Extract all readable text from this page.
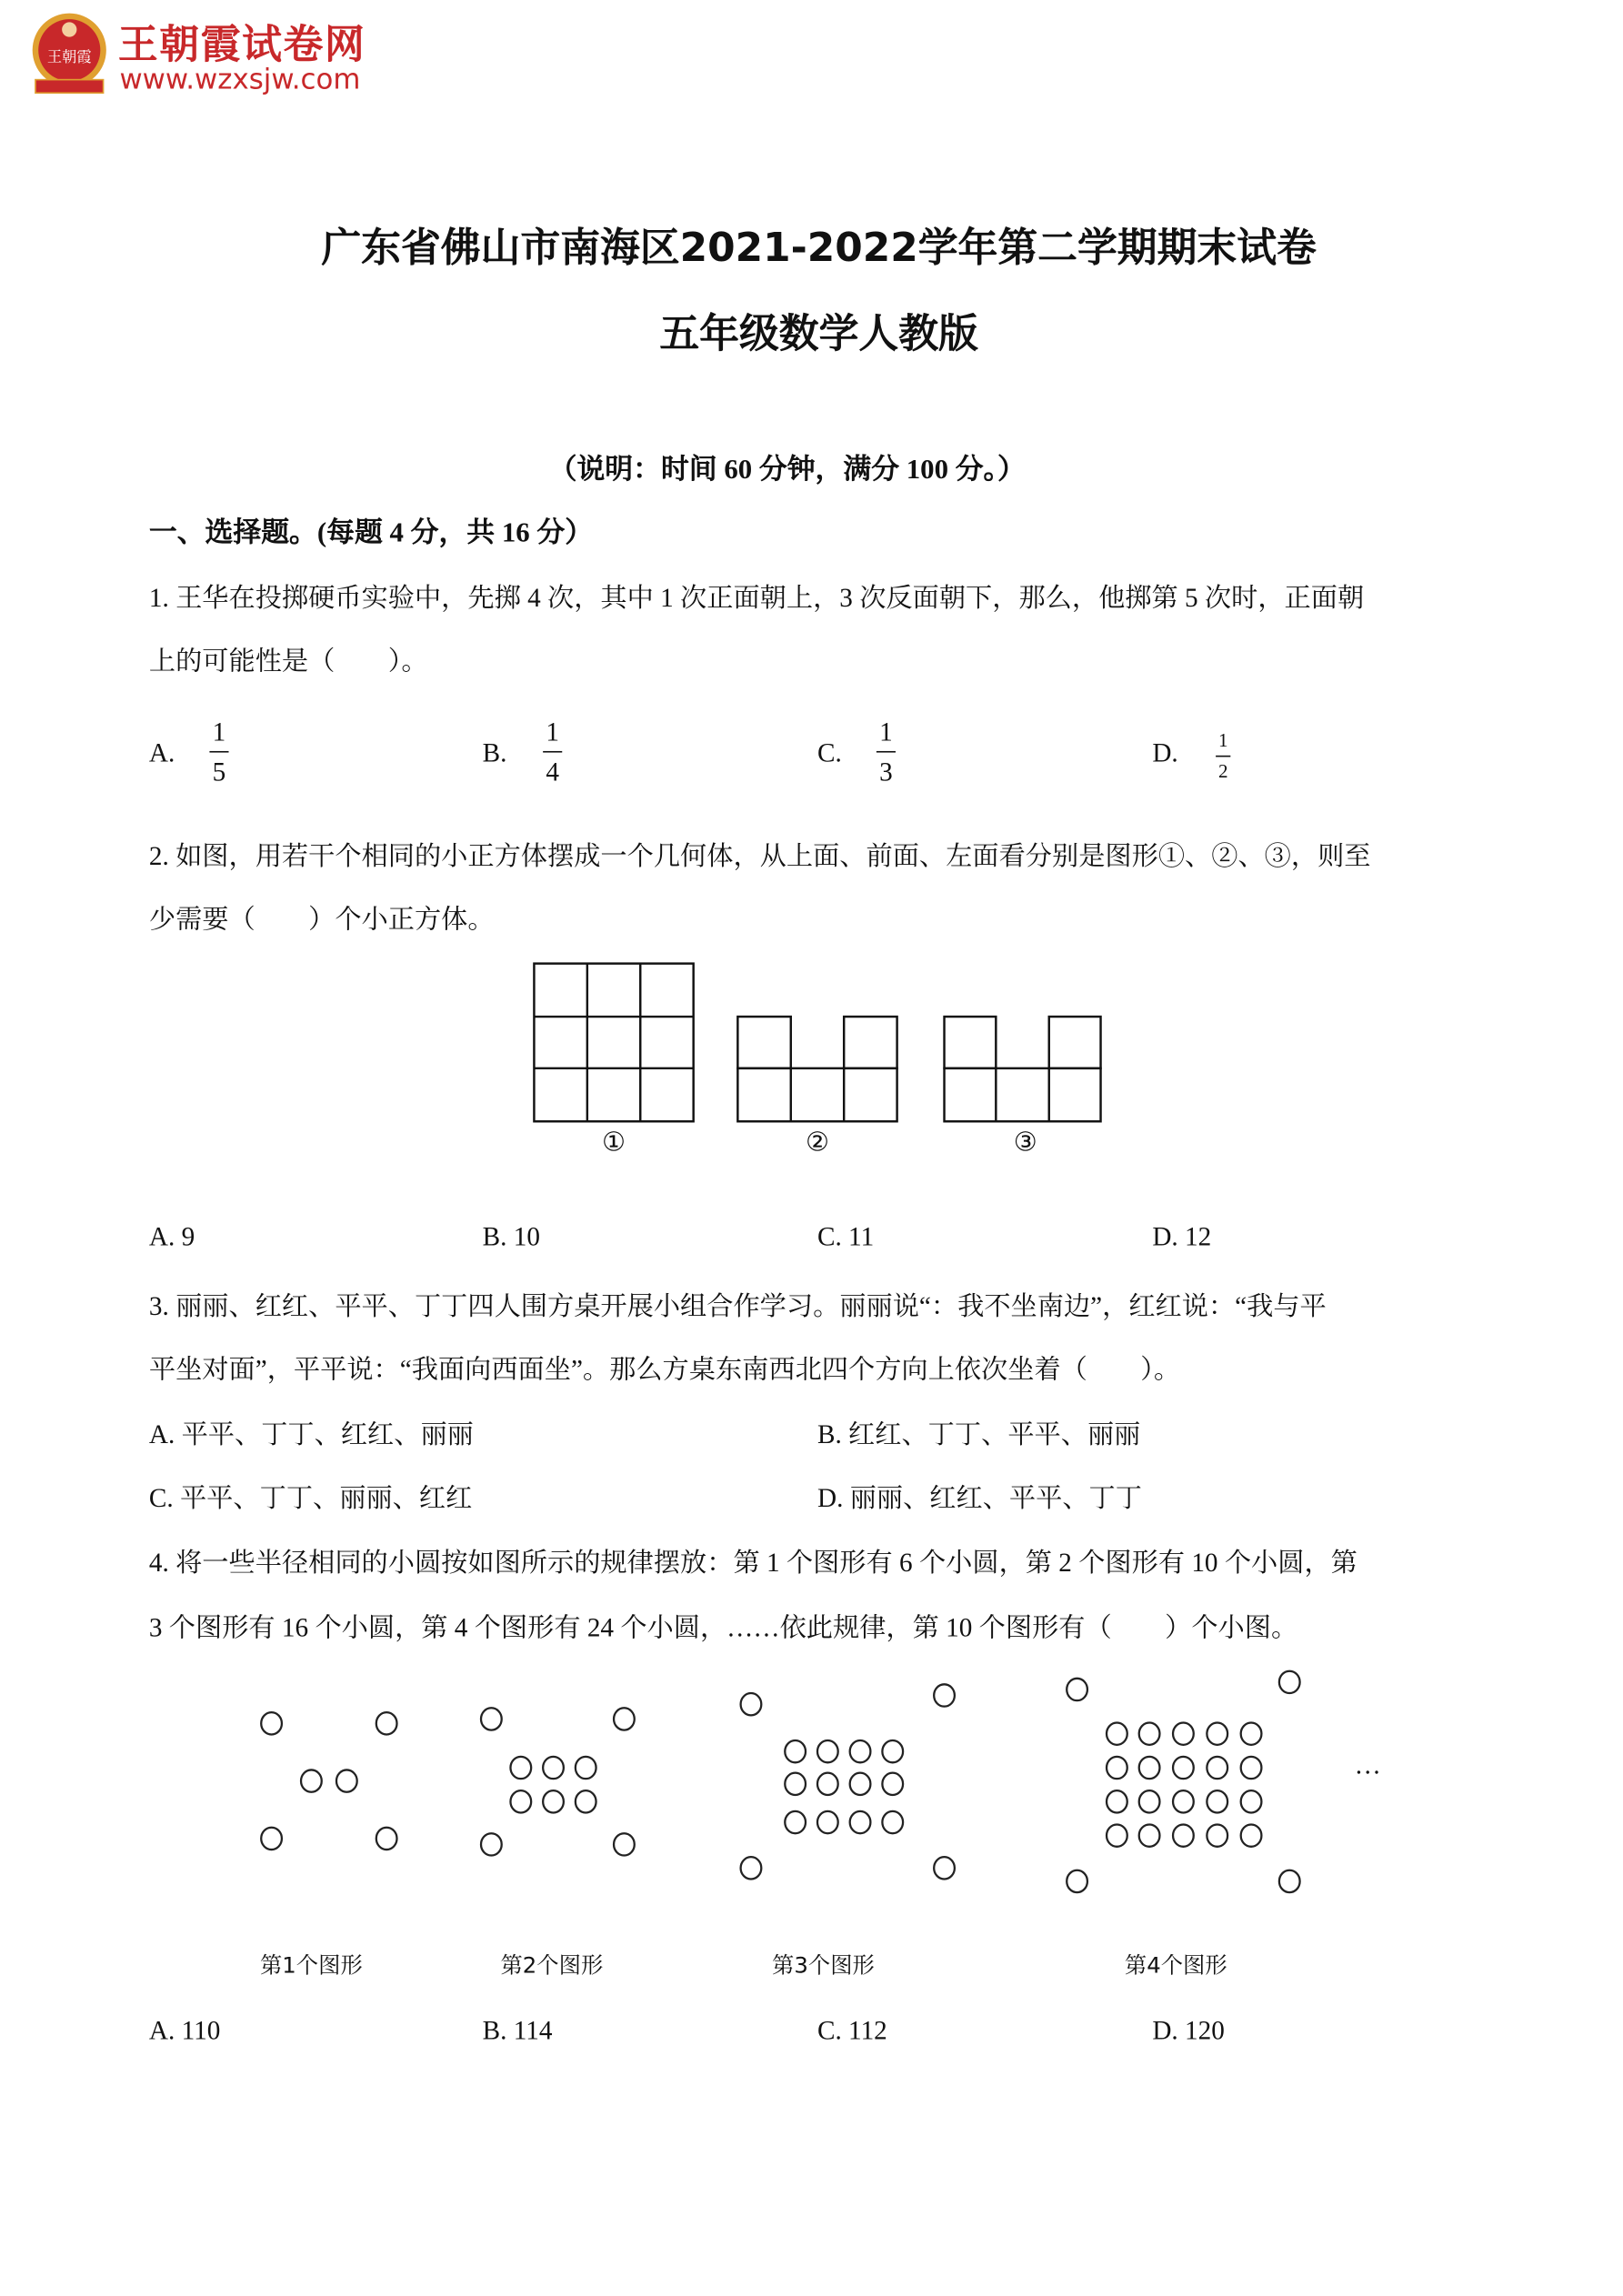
王朝霞 王朝霞试卷网
www.wzxsjw.com
广东省佛山市南海区2021-2022学年第二学期期末试卷
五年级数学人教版
（说明：时间 60 分钟，满分 100 分。）
一、选择题。(每题 4 分，共 16 分）
1. 王华在投掷硬币实验中，先掷 4 次，其中 1 次正面朝上，3 次反面朝下，那么，他掷第 5 次时，正面朝
上的可能性是（　　）。
A.
1
5
B.
1
4
C.
1
3
D.	1
2
2. 如图，用若干个相同的小正方体摆成一个几何体，从上面、前面、左面看分别是图形①、②、③，则至
少需要（　　）个小正方体。
①	②	③
A. 9	B. 10	C. 11	D. 12
3. 丽丽、红红、平平、丁丁四人围方桌开展小组合作学习。丽丽说“：我不坐南边”，红红说：“我与平
平坐对面”，平平说：“我面向西面坐”。那么方桌东南西北四个方向上依次坐着（　　）。
A. 平平、丁丁、红红、丽丽	B. 红红、丁丁、平平、丽丽
C. 平平、丁丁、丽丽、红红	D. 丽丽、红红、平平、丁丁
4. 将一些半径相同的小圆按如图所示的规律摆放：第 1 个图形有 6 个小圆，第 2 个图形有 10 个小圆，第
3 个图形有 16 个小圆，第 4 个图形有 24 个小圆，……依此规律，第 10 个图形有（　　）个小图。
…
第1个图形	第2个图形	第3个图形	第4个图形
A. 110	B. 114	C. 112	D. 120
